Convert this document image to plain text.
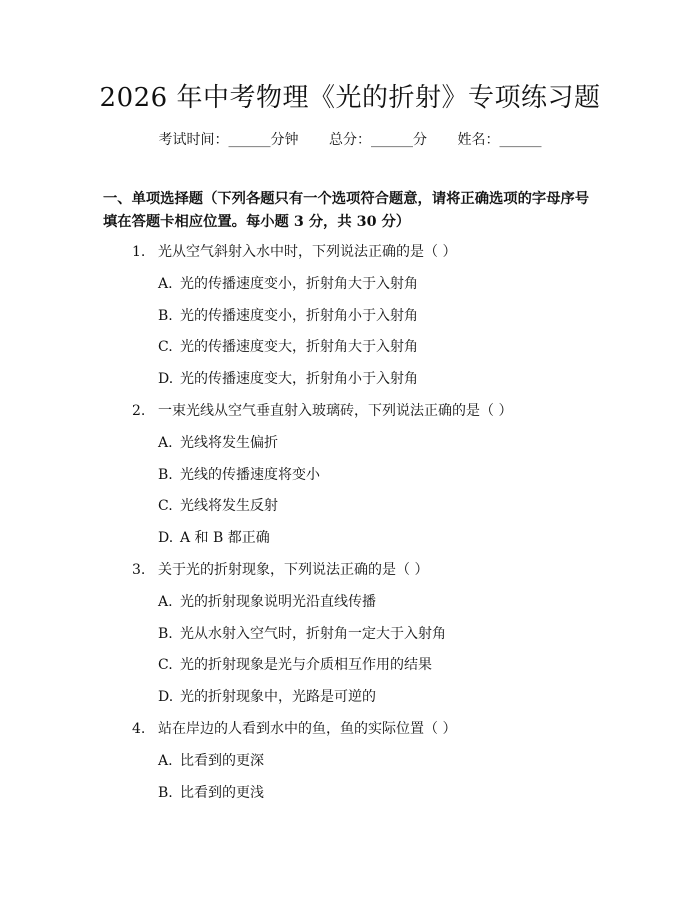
2026 年中考物理《光的折射》专项练习题
考试时间：______分钟 总分：______分 姓名：______
一、单项选择题（下列各题只有一个选项符合题意，请将正确选项的字母序号填在答题卡相应位置。每小题 3 分，共 30 分）
1. 光从空气斜射入水中时，下列说法正确的是（ ）
A. 光的传播速度变小，折射角大于入射角
B. 光的传播速度变小，折射角小于入射角
C. 光的传播速度变大，折射角大于入射角
D. 光的传播速度变大，折射角小于入射角
2. 一束光线从空气垂直射入玻璃砖，下列说法正确的是（ ）
A. 光线将发生偏折
B. 光线的传播速度将变小
C. 光线将发生反射
D. A 和 B 都正确
3. 关于光的折射现象，下列说法正确的是（ ）
A. 光的折射现象说明光沿直线传播
B. 光从水射入空气时，折射角一定大于入射角
C. 光的折射现象是光与介质相互作用的结果
D. 光的折射现象中，光路是可逆的
4. 站在岸边的人看到水中的鱼，鱼的实际位置（ ）
A. 比看到的更深
B. 比看到的更浅
